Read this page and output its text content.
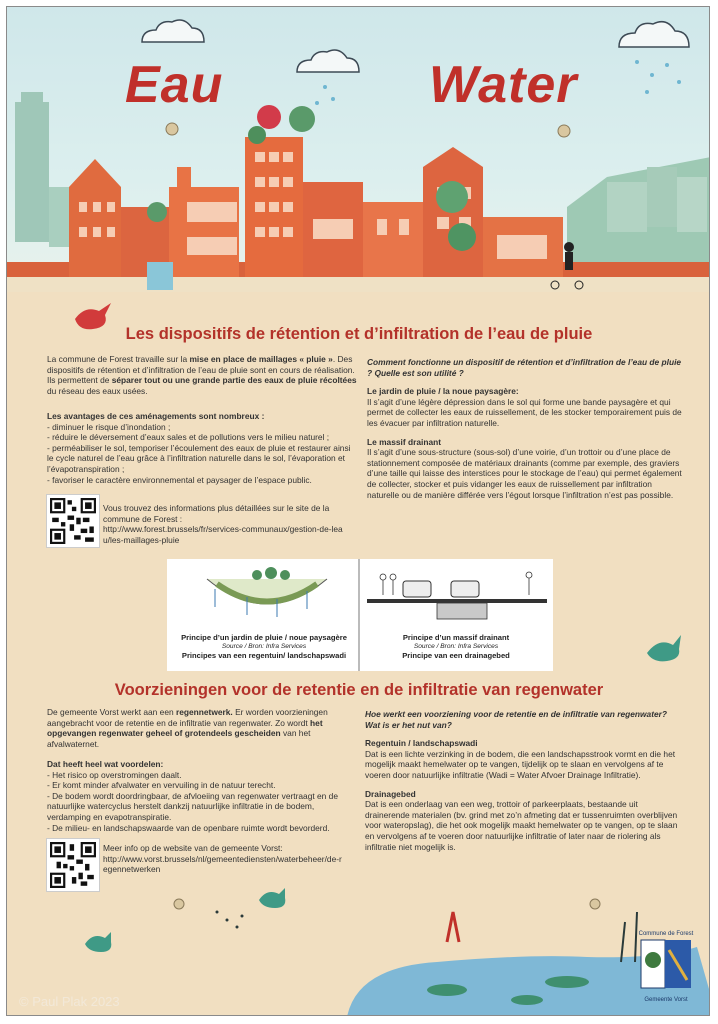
Eau	Water
Les dispositifs de rétention et d’infiltration de l’eau de pluie

La commune de Forest travaille sur la mise en place de maillages « pluie ». Des dispositifs de rétention et d’infiltration de l’eau de pluie sont en cours de réalisation. Ils permettent de séparer tout ou une grande partie des eaux de pluie récoltées du réseau des eaux usées.

Les avantages de ces aménagements sont nombreux :

- diminuer le risque d’inondation ;
- réduire le déversement d’eaux sales et de pollutions vers le milieu naturel ;
- perméabiliser le sol, temporiser l’écoulement des eaux de pluie et restaurer ainsi le cycle naturel de l’eau grâce à l’infiltration naturelle dans le sol, l’évaporation et l’évapotranspiration ;
- favoriser le caractère environnemental et paysager de l’espace public.

Vous trouvez des informations plus détaillées sur le site de la commune de Forest :

http://www.forest.brussels/fr/services-communaux/gestion-de-leau/les-maillages-pluie

Comment fonctionne un dispositif de rétention et d’infiltration de l’eau de pluie ? Quelle est son utilité ?

Le jardin de pluie / la noue paysagère:

Il s’agit d’une légère dépression dans le sol qui forme une bande paysagère et qui permet de collecter les eaux de ruissellement, de les stocker temporairement puis de les évacuer par infiltration naturelle.

Le massif drainant

Il s’agit d’une sous-structure (sous-sol) d’une voirie, d’un trottoir ou d’une place de stationnement composée de matériaux drainants (comme par exemple, des graviers d’une taille qui laisse des interstices pour le stockage de l’eau) qui permet également de collecter, stocker et puis vidanger les eaux de ruissellement par infiltration naturelle ou de manière différée vers l’égout lorsque l’infiltration n’est pas possible.

Principe d’un jardin de pluie / noue paysagère
Source / Bron: Infra Services
Principes van een regentuin/ landschapswadi
Principe d’un massif drainant
Source / Bron: Infra Services
Principe van een drainagebed
Voorzieningen voor de retentie en de infiltratie van regenwater

De gemeente Vorst werkt aan een regennetwerk. Er worden voorzieningen aangebracht voor de retentie en de infiltratie van regenwater. Zo wordt het opgevangen regenwater geheel of grotendeels gescheiden van het afvalwaternet.

Dat heeft heel wat voordelen:

- Het risico op overstromingen daalt.
- Er komt minder afvalwater en vervuiling in de natuur terecht.
- De bodem wordt doordringbaar, de afvloeiing van regenwater vertraagt en de natuurlijke watercyclus herstelt dankzij natuurlijke infiltratie in de bodem, verdamping en evapotranspiratie.
- De milieu- en landschapswaarde van de openbare ruimte wordt bevorderd.

Meer info op de website van de gemeente Vorst:

http://www.vorst.brussels/nl/gemeentediensten/waterbeheer/de-regennetwerken

Hoe werkt een voorziening voor de retentie en de infiltratie van regenwater? Wat is er het nut van?

Regentuin / landschapswadi

Dat is een lichte verzinking in de bodem, die een landschapsstrook vormt en die het mogelijk maakt hemelwater op te vangen, tijdelijk op te slaan en vervolgens af te voeren door natuurlijke infiltratie (Wadi = Water Afvoer Drainage Infiltratie).

Drainagebed

Dat is een onderlaag van een weg, trottoir of parkeerplaats, bestaande uit drainerende materialen (bv. grind met zo’n afmeting dat er tussenruimten overblijven voor wateropslag), die het ook mogelijk maakt hemelwater op te vangen, op te slaan en vervolgens af te voeren door natuurlijke infiltratie of later naar de riolering als infiltratie niet mogelijk is.

Commune de Forest
Gemeente Vorst
© Paul Plak 2023
